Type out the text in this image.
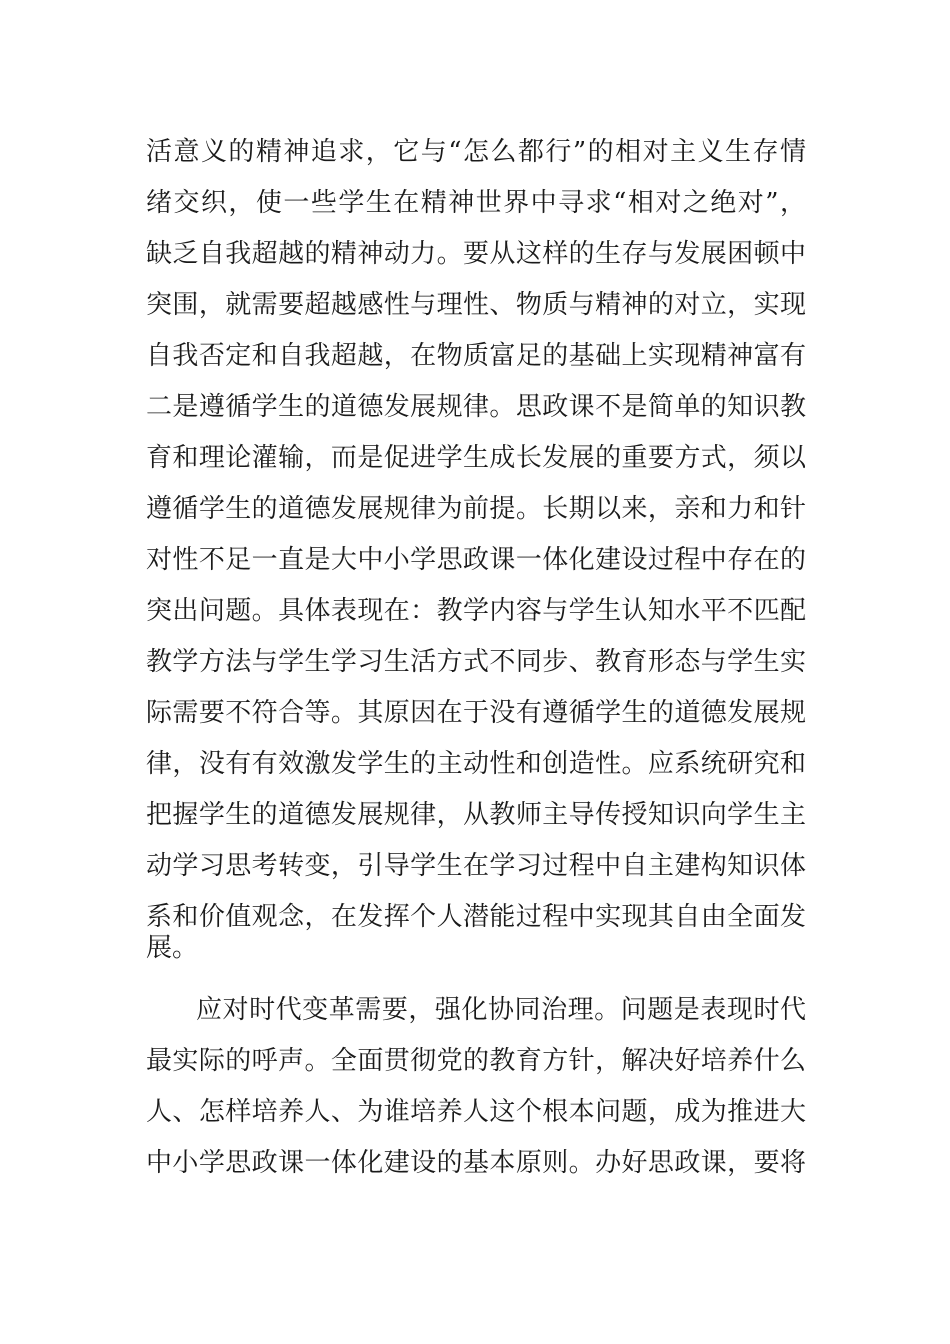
活意义的精神追求，它与“怎么都行”的相对主义生存情
绪交织，使一些学生在精神世界中寻求“相对之绝对”，
缺乏自我超越的精神动力。要从这样的生存与发展困顿中
突围，就需要超越感性与理性、物质与精神的对立，实现
自我否定和自我超越，在物质富足的基础上实现精神富有
二是遵循学生的道德发展规律。思政课不是简单的知识教
育和理论灌输，而是促进学生成长发展的重要方式，须以
遵循学生的道德发展规律为前提。长期以来，亲和力和针
对性不足一直是大中小学思政课一体化建设过程中存在的
突出问题。具体表现在：教学内容与学生认知水平不匹配
教学方法与学生学习生活方式不同步、教育形态与学生实
际需要不符合等。其原因在于没有遵循学生的道德发展规
律，没有有效激发学生的主动性和创造性。应系统研究和
把握学生的道德发展规律，从教师主导传授知识向学生主
动学习思考转变，引导学生在学习过程中自主建构知识体
系和价值观念，在发挥个人潜能过程中实现其自由全面发
展。
应对时代变革需要，强化协同治理。问题是表现时代
最实际的呼声。全面贯彻党的教育方针，解决好培养什么
人、怎样培养人、为谁培养人这个根本问题，成为推进大
中小学思政课一体化建设的基本原则。办好思政课，要将
